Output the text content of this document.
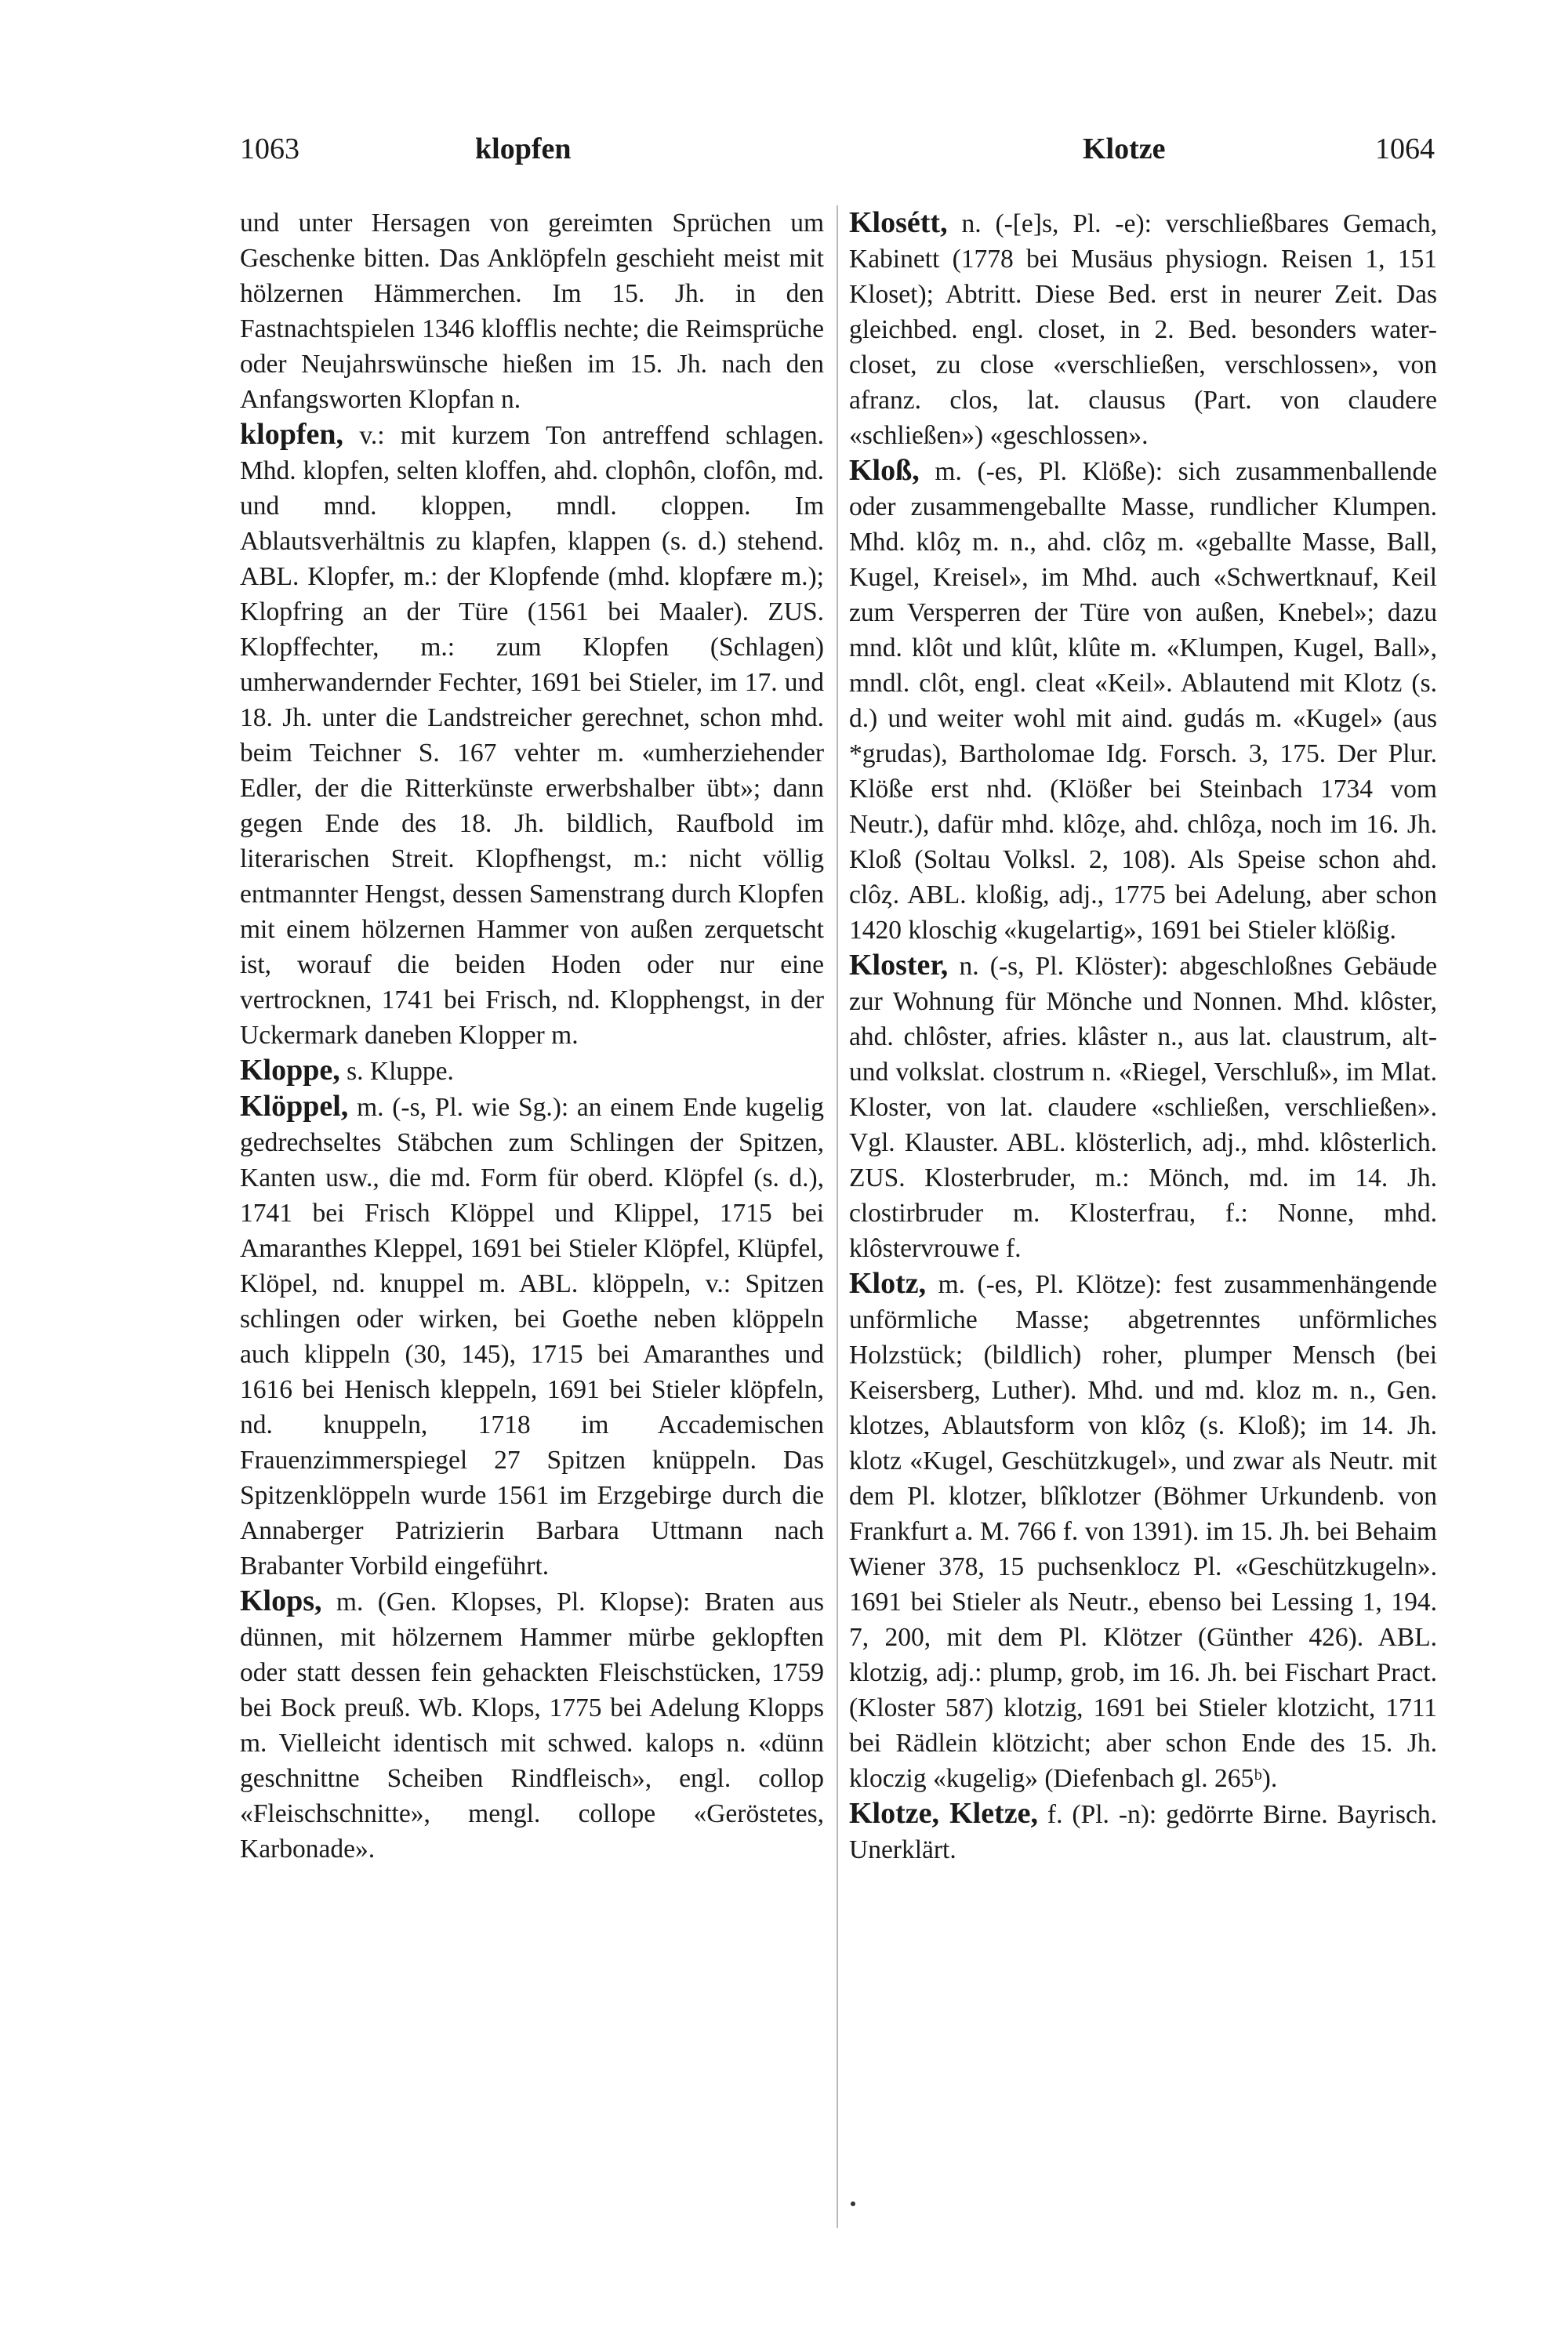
1063	klopfen	Klotze	1064

und unter Hersagen von gereimten Sprüchen um Geschenke bitten. Das Anklöpfeln geschieht meist mit hölzernen Hämmerchen. Im 15. Jh. in den Fastnachtspielen 1346 klofflis nechte; die Reimsprüche oder Neujahrswünsche hießen im 15. Jh. nach den Anfangsworten Klopfan n.

klopfen, v.: mit kurzem Ton antreffend schlagen. Mhd. klopfen, selten kloffen, ahd. clophôn, clofôn, md. und mnd. kloppen, mndl. cloppen. Im Ablautsverhältnis zu klapfen, klappen (s. d.) stehend. ABL. Klopfer, m.: der Klopfende (mhd. klopfære m.); Klopfring an der Türe (1561 bei Maaler). ZUS. Klopffechter, m.: zum Klopfen (Schlagen) umherwandernder Fechter, 1691 bei Stieler, im 17. und 18. Jh. unter die Landstreicher gerechnet, schon mhd. beim Teichner S. 167 vehter m. «umherziehender Edler, der die Ritterkünste erwerbshalber übt»; dann gegen Ende des 18. Jh. bildlich, Raufbold im literarischen Streit. Klopfhengst, m.: nicht völlig entmannter Hengst, dessen Samenstrang durch Klopfen mit einem hölzernen Hammer von außen zerquetscht ist, worauf die beiden Hoden oder nur eine vertrocknen, 1741 bei Frisch, nd. Klopphengst, in der Uckermark daneben Klopper m.

Kloppe, s. Kluppe.

Klöppel, m. (-s, Pl. wie Sg.): an einem Ende kugelig gedrechseltes Stäbchen zum Schlingen der Spitzen, Kanten usw., die md. Form für oberd. Klöpfel (s. d.), 1741 bei Frisch Klöppel und Klippel, 1715 bei Amaranthes Kleppel, 1691 bei Stieler Klöpfel, Klüpfel, Klöpel, nd. knuppel m. ABL. klöppeln, v.: Spitzen schlingen oder wirken, bei Goethe neben klöppeln auch klippeln (30, 145), 1715 bei Amaranthes und 1616 bei Henisch kleppeln, 1691 bei Stieler klöpfeln, nd. knuppeln, 1718 im Accademischen Frauenzimmerspiegel 27 Spitzen knüppeln. Das Spitzenklöppeln wurde 1561 im Erzgebirge durch die Annaberger Patrizierin Barbara Uttmann nach Brabanter Vorbild eingeführt.

Klops, m. (Gen. Klopses, Pl. Klopse): Braten aus dünnen, mit hölzernem Hammer mürbe geklopften oder statt dessen fein gehackten Fleischstücken, 1759 bei Bock preuß. Wb. Klops, 1775 bei Adelung Klopps m. Vielleicht identisch mit schwed. kalops n. «dünn geschnittne Scheiben Rindfleisch», engl. collop «Fleischschnitte», mengl. collope «Geröstetes, Karbonade».

Klosétt, n. (-[e]s, Pl. -e): verschließbares Gemach, Kabinett (1778 bei Musäus physiogn. Reisen 1, 151 Kloset); Abtritt. Diese Bed. erst in neurer Zeit. Das gleichbed. engl. closet, in 2. Bed. besonders water-closet, zu close «verschließen, verschlossen», von afranz. clos, lat. clausus (Part. von claudere «schließen») «geschlossen».

Kloß, m. (-es, Pl. Klöße): sich zusammenballende oder zusammengeballte Masse, rundlicher Klumpen. Mhd. klôȥ m. n., ahd. clôȥ m. «geballte Masse, Ball, Kugel, Kreisel», im Mhd. auch «Schwertknauf, Keil zum Versperren der Türe von außen, Knebel»; dazu mnd. klôt und klût, klûte m. «Klumpen, Kugel, Ball», mndl. clôt, engl. cleat «Keil». Ablautend mit Klotz (s. d.) und weiter wohl mit aind. gudás m. «Kugel» (aus *grudas), Bartholomae Idg. Forsch. 3, 175. Der Plur. Klöße erst nhd. (Klößer bei Steinbach 1734 vom Neutr.), dafür mhd. klôȥe, ahd. chlôȥa, noch im 16. Jh. Kloß (Soltau Volksl. 2, 108). Als Speise schon ahd. clôȥ. ABL. kloßig, adj., 1775 bei Adelung, aber schon 1420 kloschig «kugelartig», 1691 bei Stieler klößig.

Kloster, n. (-s, Pl. Klöster): abgeschloßnes Gebäude zur Wohnung für Mönche und Nonnen. Mhd. klôster, ahd. chlôster, afries. klâster n., aus lat. claustrum, alt- und volkslat. clostrum n. «Riegel, Verschluß», im Mlat. Kloster, von lat. claudere «schließen, verschließen». Vgl. Klauster. ABL. klösterlich, adj., mhd. klôsterlich. ZUS. Klosterbruder, m.: Mönch, md. im 14. Jh. clostirbruder m. Klosterfrau, f.: Nonne, mhd. klôstervrouwe f.

Klotz, m. (-es, Pl. Klötze): fest zusammenhängende unförmliche Masse; abgetrenntes unförmliches Holzstück; (bildlich) roher, plumper Mensch (bei Keisersberg, Luther). Mhd. und md. kloz m. n., Gen. klotzes, Ablautsform von klôȥ (s. Kloß); im 14. Jh. klotz «Kugel, Geschützkugel», und zwar als Neutr. mit dem Pl. klotzer, blîklotzer (Böhmer Urkundenb. von Frankfurt a. M. 766 f. von 1391). im 15. Jh. bei Behaim Wiener 378, 15 puchsenklocz Pl. «Geschützkugeln». 1691 bei Stieler als Neutr., ebenso bei Lessing 1, 194. 7, 200, mit dem Pl. Klötzer (Günther 426). ABL. klotzig, adj.: plump, grob, im 16. Jh. bei Fischart Pract. (Kloster 587) klotzig, 1691 bei Stieler klotzicht, 1711 bei Rädlein klötzicht; aber schon Ende des 15. Jh. kloczig «kugelig» (Diefenbach gl. 265ᵇ).

Klotze, Kletze, f. (Pl. -n): gedörrte Birne. Bayrisch. Unerklärt.
